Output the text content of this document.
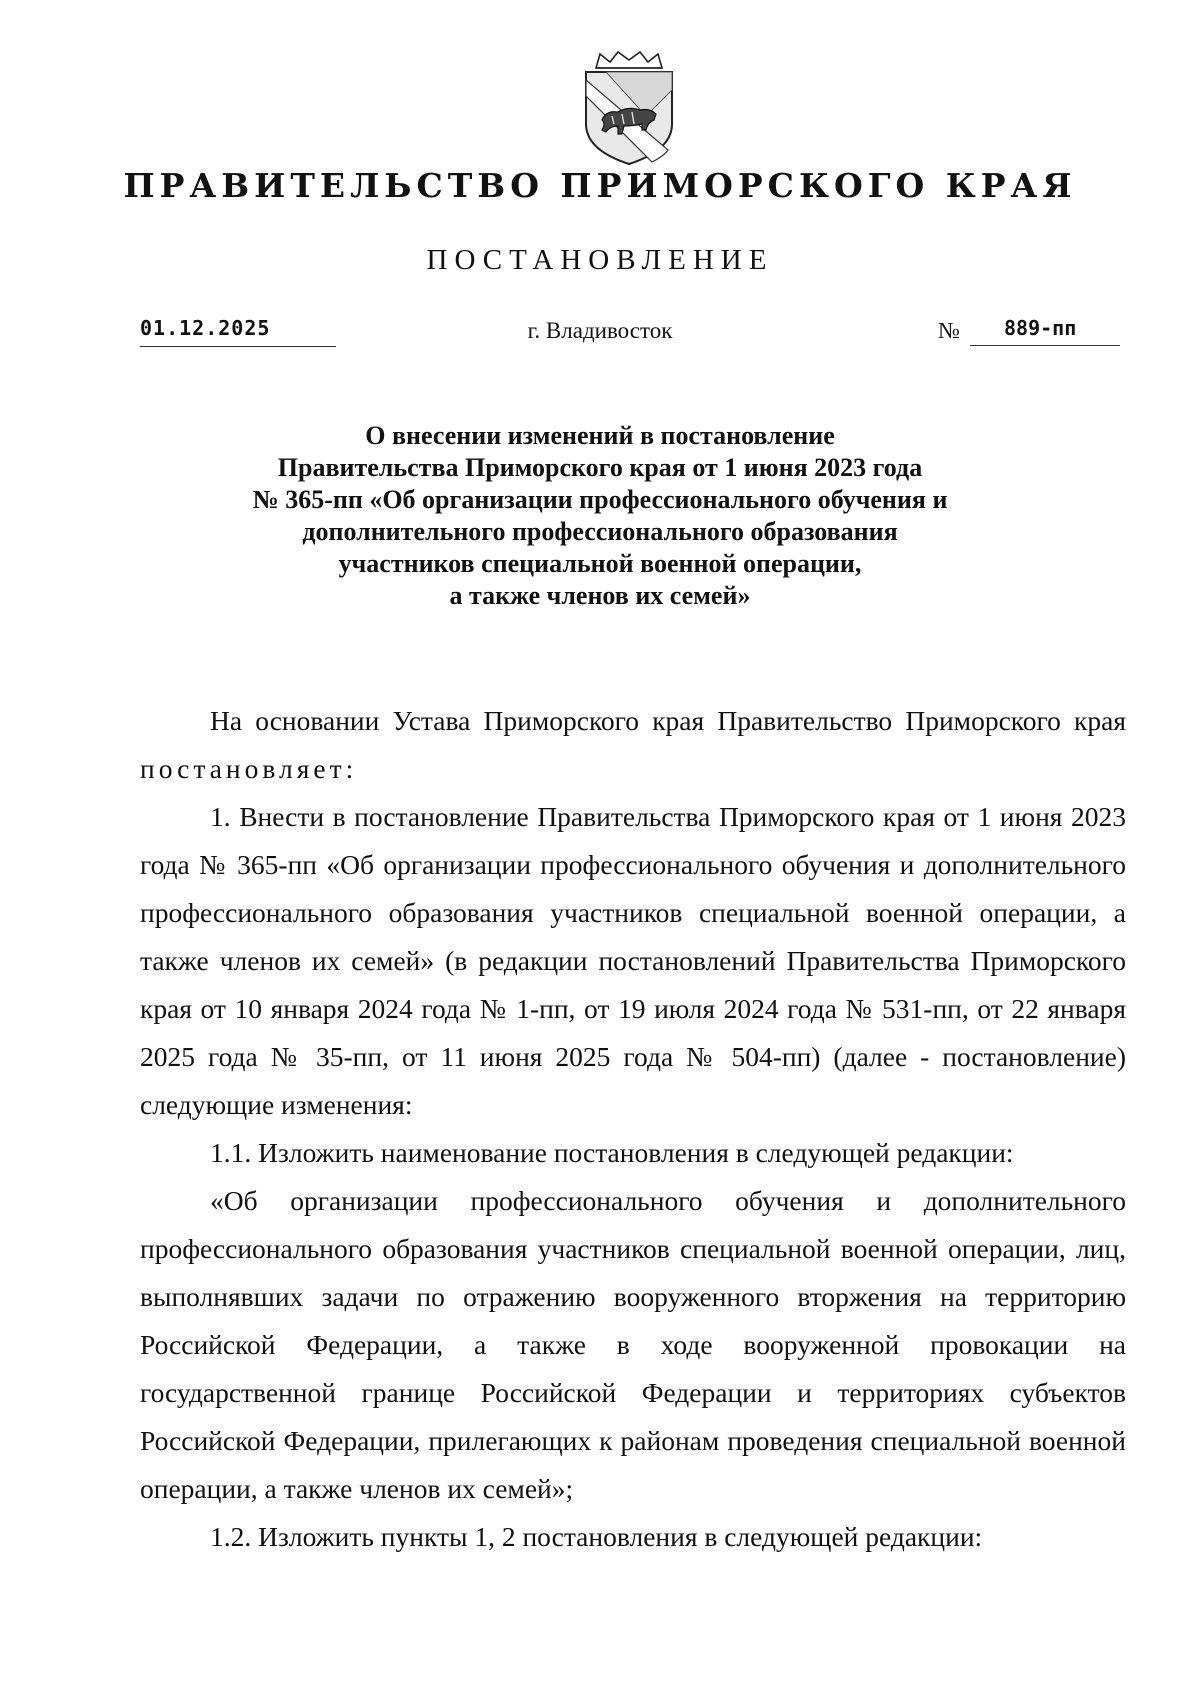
ПРАВИТЕЛЬСТВО ПРИМОРСКОГО КРАЯ
ПОСТАНОВЛЕНИЕ
01.12.2025	г. Владивосток	№	889-пп
О внесении изменений в постановление
Правительства Приморского края от 1 июня 2023 года
№ 365-пп «Об организации профессионального обучения и
дополнительного профессионального образования
участников специальной военной операции,
а также членов их семей»

На основании Устава Приморского края Правительство Приморского края постановляет:

1. Внести в постановление Правительства Приморского края от 1 июня 2023 года № 365-пп «Об организации профессионального обучения и дополнительного профессионального образования участников специальной военной операции, а также членов их семей» (в редакции постановлений Правительства Приморского края от 10 января 2024 года № 1-пп, от 19 июля 2024 года № 531-пп, от 22 января 2025 года № 35-пп, от 11 июня 2025 года № 504-пп) (далее - постановление) следующие изменения:

1.1. Изложить наименование постановления в следующей редакции:

«Об организации профессионального обучения и дополнительного профессионального образования участников специальной военной операции, лиц, выполнявших задачи по отражению вооруженного вторжения на территорию Российской Федерации, а также в ходе вооруженной провокации на государственной границе Российской Федерации и территориях субъектов Российской Федерации, прилегающих к районам проведения специальной военной операции, а также членов их семей»;

1.2. Изложить пункты 1, 2 постановления в следующей редакции:
